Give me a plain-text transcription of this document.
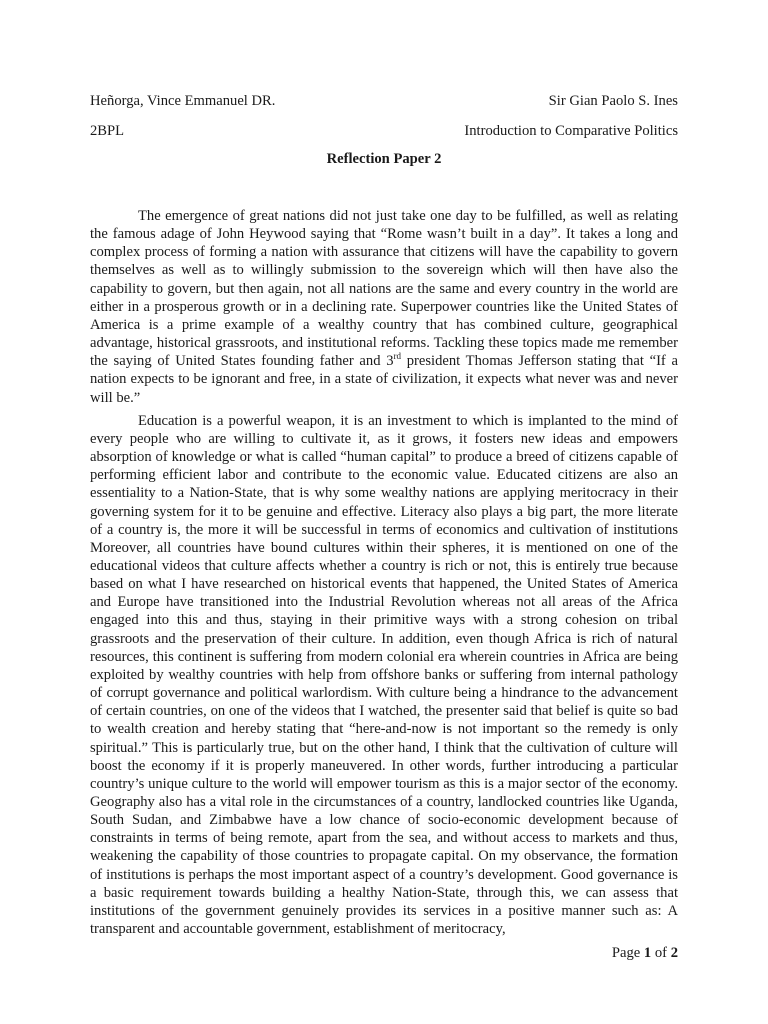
Heñorga, Vince Emmanuel DR.	Sir Gian Paolo S. Ines
2BPL	Introduction to Comparative Politics
Reflection Paper 2

The emergence of great nations did not just take one day to be fulfilled, as well as relating the famous adage of John Heywood saying that “Rome wasn’t built in a day”. It takes a long and complex process of forming a nation with assurance that citizens will have the capability to govern themselves as well as to willingly submission to the sovereign which will then have also the capability to govern, but then again, not all nations are the same and every country in the world are either in a prosperous growth or in a declining rate. Superpower countries like the United States of America is a prime example of a wealthy country that has combined culture, geographical advantage, historical grassroots, and institutional reforms. Tackling these topics made me remember the saying of United States founding father and 3rd president Thomas Jefferson stating that “If a nation expects to be ignorant and free, in a state of civilization, it expects what never was and never will be.”

Education is a powerful weapon, it is an investment to which is implanted to the mind of every people who are willing to cultivate it, as it grows, it fosters new ideas and empowers absorption of knowledge or what is called “human capital” to produce a breed of citizens capable of performing efficient labor and contribute to the economic value. Educated citizens are also an essentiality to a Nation-State, that is why some wealthy nations are applying meritocracy in their governing system for it to be genuine and effective. Literacy also plays a big part, the more literate of a country is, the more it will be successful in terms of economics and cultivation of institutions Moreover, all countries have bound cultures within their spheres, it is mentioned on one of the educational videos that culture affects whether a country is rich or not, this is entirely true because based on what I have researched on historical events that happened, the United States of America and Europe have transitioned into the Industrial Revolution whereas not all areas of the Africa engaged into this and thus, staying in their primitive ways with a strong cohesion on tribal grassroots and the preservation of their culture. In addition, even though Africa is rich of natural resources, this continent is suffering from modern colonial era wherein countries in Africa are being exploited by wealthy countries with help from offshore banks or suffering from internal pathology of corrupt governance and political warlordism. With culture being a hindrance to the advancement of certain countries, on one of the videos that I watched, the presenter said that belief is quite so bad to wealth creation and hereby stating that “here-and-now is not important so the remedy is only spiritual.” This is particularly true, but on the other hand, I think that the cultivation of culture will boost the economy if it is properly maneuvered. In other words, further introducing a particular country’s unique culture to the world will empower tourism as this is a major sector of the economy. Geography also has a vital role in the circumstances of a country, landlocked countries like Uganda, South Sudan, and Zimbabwe have a low chance of socio-economic development because of constraints in terms of being remote, apart from the sea, and without access to markets and thus, weakening the capability of those countries to propagate capital. On my observance, the formation of institutions is perhaps the most important aspect of a country’s development. Good governance is a basic requirement towards building a healthy Nation-State, through this, we can assess that institutions of the government genuinely provides its services in a positive manner such as: A transparent and accountable government, establishment of meritocracy,

Page 1 of 2
